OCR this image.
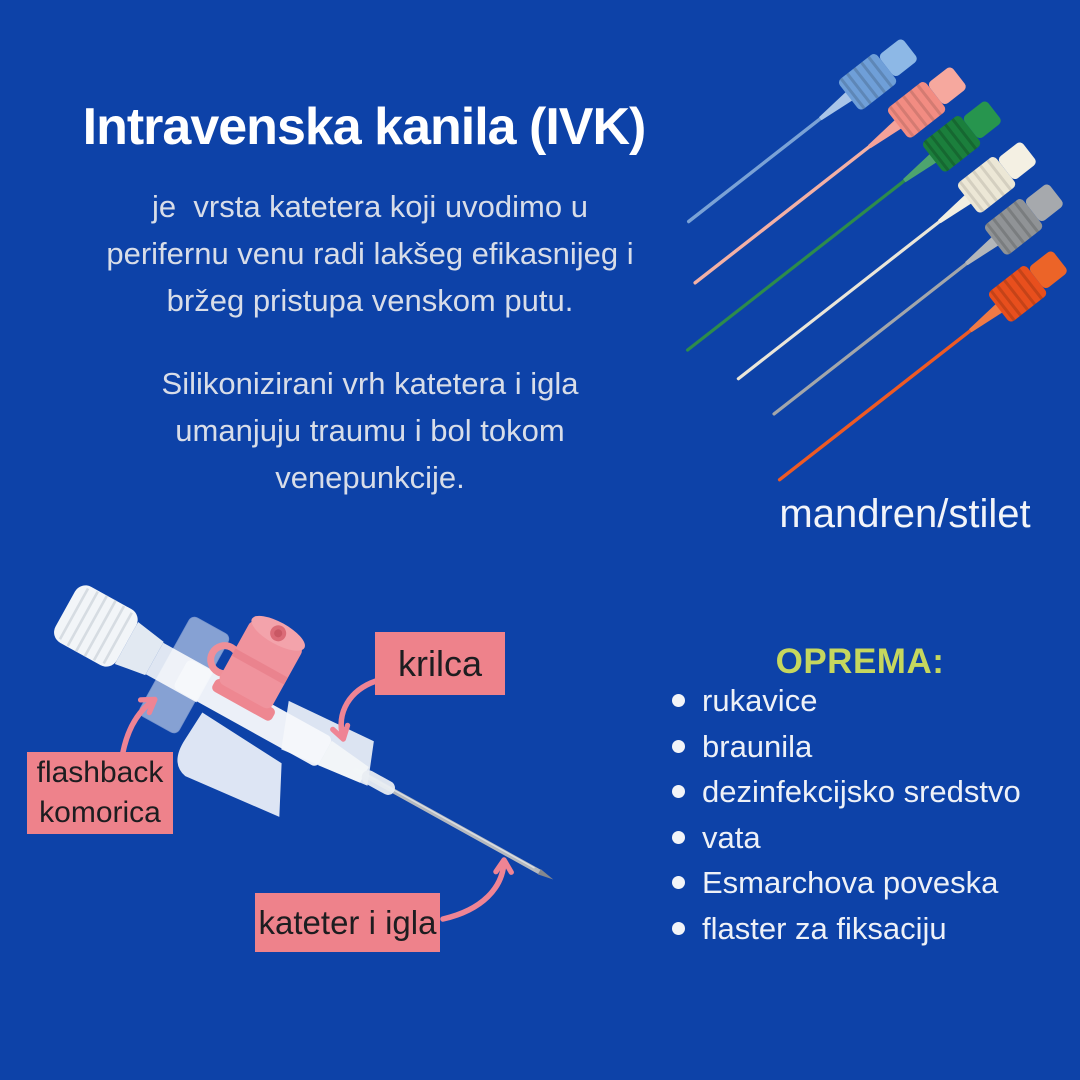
Intravenska kanila (IVK)
je  vrsta katetera koji uvodimo u
perifernu venu radi lakšeg efikasnijeg i
bržeg pristupa venskom putu.
Silikonizirani vrh katetera i igla
umanjuju traumu i bol tokom
venepunkcije.
mandren/stilet
krilca
flashback komorica
kateter i igla
OPREMA:
rukavice
braunila
dezinfekcijsko sredstvo
vata
Esmarchova poveska
flaster za fiksaciju
